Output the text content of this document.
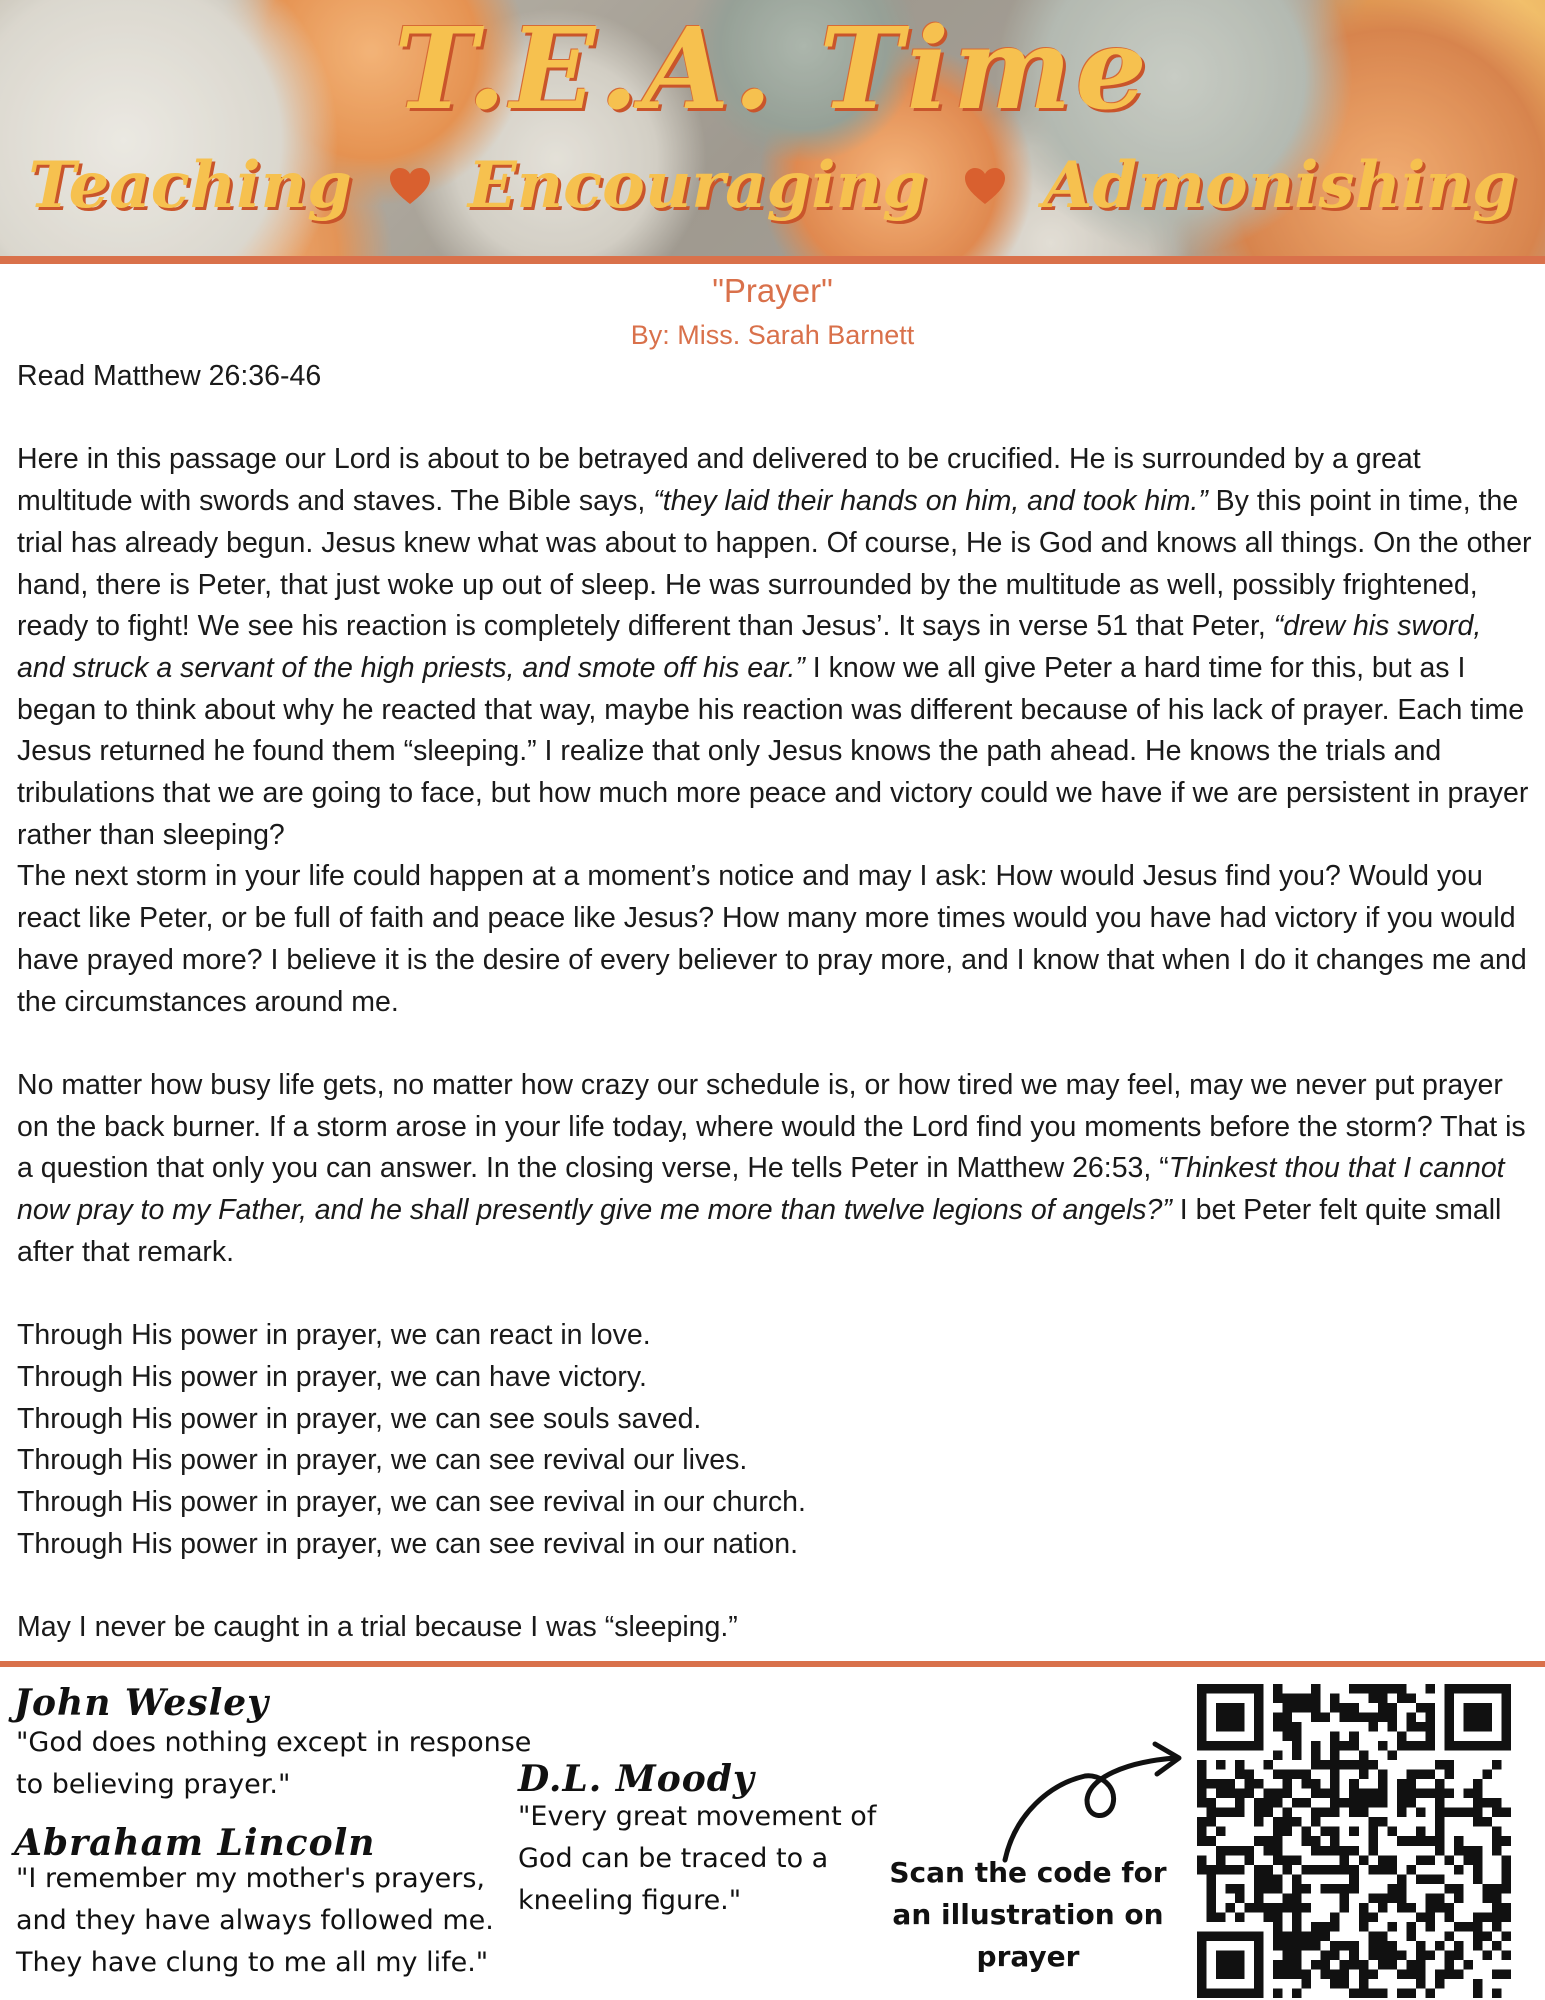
T.E.A. Time
Teaching Encouraging Admonishing
"Prayer"
By: Miss. Sarah Barnett

Read Matthew 26:36-46

Here in this passage our Lord is about to be betrayed and delivered to be crucified. He is surrounded by a great multitude with swords and staves. The Bible says, “they laid their hands on him, and took him.” By this point in time, the trial has already begun. Jesus knew what was about to happen. Of course, He is God and knows all things. On the other hand, there is Peter, that just woke up out of sleep. He was surrounded by the multitude as well, possibly frightened, ready to fight! We see his reaction is completely different than Jesus’. It says in verse 51 that Peter, “drew his sword, and struck a servant of the high priests, and smote off his ear.” I know we all give Peter a hard time for this, but as I began to think about why he reacted that way, maybe his reaction was different because of his lack of prayer. Each time Jesus returned he found them “sleeping.” I realize that only Jesus knows the path ahead. He knows the trials and tribulations that we are going to face, but how much more peace and victory could we have if we are persistent in prayer rather than sleeping?

The next storm in your life could happen at a moment’s notice and may I ask: How would Jesus find you? Would you react like Peter, or be full of faith and peace like Jesus? How many more times would you have had victory if you would have prayed more? I believe it is the desire of every believer to pray more, and I know that when I do it changes me and the circumstances around me.

No matter how busy life gets, no matter how crazy our schedule is, or how tired we may feel, may we never put prayer on the back burner. If a storm arose in your life today, where would the Lord find you moments before the storm? That is a question that only you can answer. In the closing verse, He tells Peter in Matthew 26:53, “Thinkest thou that I cannot now pray to my Father, and he shall presently give me more than twelve legions of angels?” I bet Peter felt quite small after that remark.

Through His power in prayer, we can react in love.

Through His power in prayer, we can have victory.

Through His power in prayer, we can see souls saved.

Through His power in prayer, we can see revival our lives.

Through His power in prayer, we can see revival in our church.

Through His power in prayer, we can see revival in our nation.

May I never be caught in a trial because I was “sleeping.”

John Wesley
"God does nothing except in response
to believing prayer."
Abraham Lincoln
"I remember my mother's prayers,
and they have always followed me.
They have clung to me all my life."
D.L. Moody
"Every great movement of
God can be traced to a
kneeling figure."
Scan the code for
an illustration on
prayer
